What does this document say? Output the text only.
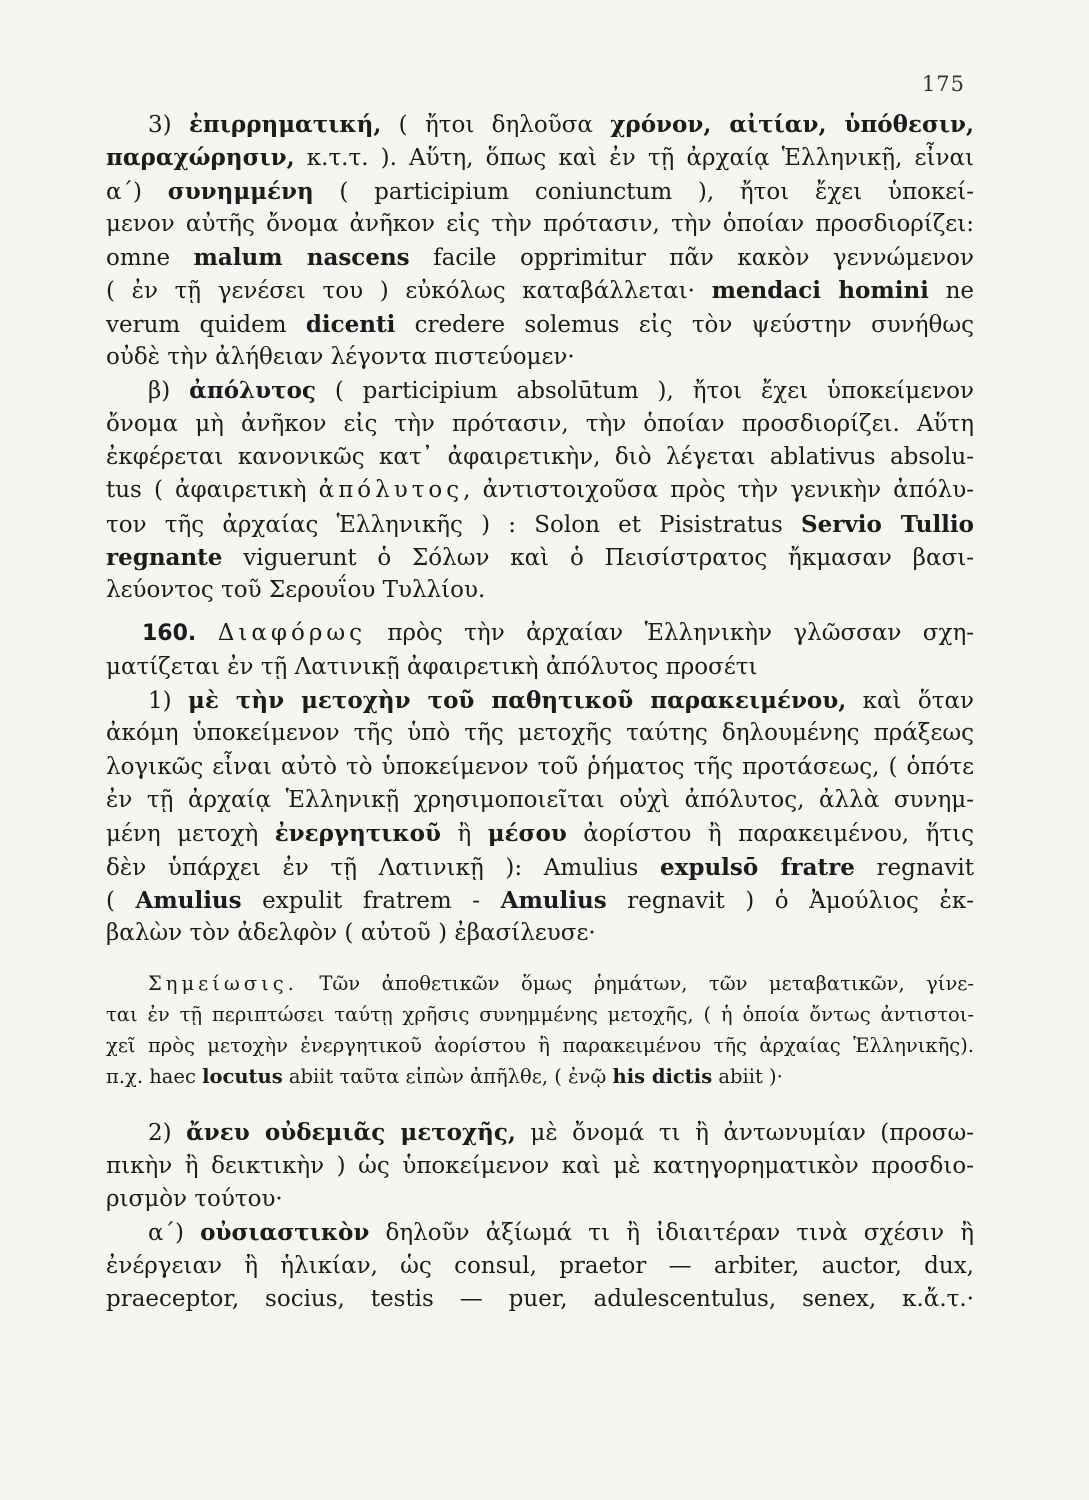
175
3) ἐπιρρηματική, ( ἤτοι δηλοῦσα χρόνον, αἰτίαν, ὑπόθεσιν,
παραχώρησιν, κ.τ.τ. ). Αὕτη, ὅπως καὶ ἐν τῇ ἀρχαίᾳ Ἑλληνικῇ, εἶναι
α΄) συνημμένη ( participium coniunctum ), ἤτοι ἔχει ὑποκεί-
μενον αὐτῆς ὄνομα ἀνῆκον εἰς τὴν πρότασιν, τὴν ὁποίαν προσδιορίζει:
omne malum nascens facile opprimitur πᾶν κακὸν γεννώμενον
( ἐν τῇ γενέσει του ) εὐκόλως καταβάλλεται· mendaci homini ne
verum quidem dicenti credere solemus εἰς τὸν ψεύστην συνήθως
οὐδὲ τὴν ἀλήθειαν λέγοντα πιστεύομεν·
β) ἀπόλυτος ( participium absolūtum ), ἤτοι ἔχει ὑποκείμενον
ὄνομα μὴ ἀνῆκον εἰς τὴν πρότασιν, τὴν ὁποίαν προσδιορίζει. Αὕτη
ἐκφέρεται κανονικῶς κατ᾽ ἀφαιρετικὴν, διὸ λέγεται ablativus absolu-
tus ( ἀφαιρετικὴ ἀπόλυτος, ἀντιστοιχοῦσα πρὸς τὴν γενικὴν ἀπόλυ-
τον τῆς ἀρχαίας Ἑλληνικῆς ) : Solon et Pisistratus Servio Tullio
regnante viguerunt ὁ Σόλων καὶ ὁ Πεισίστρατος ἤκμασαν βασι-
λεύοντος τοῦ Σερουΐου Τυλλίου.
160. Διαφόρως πρὸς τὴν ἀρχαίαν Ἑλληνικὴν γλῶσσαν σχη-
ματίζεται ἐν τῇ Λατινικῇ ἀφαιρετικὴ ἀπόλυτος προσέτι
1) μὲ τὴν μετοχὴν τοῦ παθητικοῦ παρακειμένου, καὶ ὅταν
ἀκόμη ὑποκείμενον τῆς ὑπὸ τῆς μετοχῆς ταύτης δηλουμένης πράξεως
λογικῶς εἶναι αὐτὸ τὸ ὑποκείμενον τοῦ ῥήματος τῆς προτάσεως, ( ὁπότε
ἐν τῇ ἀρχαίᾳ Ἑλληνικῇ χρησιμοποιεῖται οὐχὶ ἀπόλυτος, ἀλλὰ συνημ-
μένη μετοχὴ ἐνεργητικοῦ ἢ μέσου ἀορίστου ἢ παρακειμένου, ἥτις
δὲν ὑπάρχει ἐν τῇ Λατινικῇ ): Amulius expulsō fratre regnavit
( Amulius expulit fratrem - Amulius regnavit ) ὁ Ἀμούλιος ἐκ-
βαλὼν τὸν ἀδελφὸν ( αὐτοῦ ) ἐβασίλευσε·
Σημείωσις. Τῶν ἀποθετικῶν ὅμως ῥημάτων, τῶν μεταβατικῶν, γίνε-
ται ἐν τῇ περιπτώσει ταύτῃ χρῆσις συνημμένης μετοχῆς, ( ἡ ὁποία ὄντως ἀντιστοι-
χεῖ πρὸς μετοχὴν ἐνεργητικοῦ ἀορίστου ἢ παρακειμένου τῆς ἀρχαίας Ἑλληνικῆς).
π.χ. haec locutus abiit ταῦτα εἰπὼν ἀπῆλθε, ( ἐνῷ his dictis abiit )·
2) ἄνευ οὐδεμιᾶς μετοχῆς, μὲ ὄνομά τι ἢ ἀντωνυμίαν (προσω-
πικὴν ἢ δεικτικὴν ) ὡς ὑποκείμενον καὶ μὲ κατηγορηματικὸν προσδιο-
ρισμὸν τούτου·
α΄) οὐσιαστικὸν δηλοῦν ἀξίωμά τι ἢ ἰδιαιτέραν τινὰ σχέσιν ἢ
ἐνέργειαν ἢ ἡλικίαν, ὡς consul, praetor — arbiter, auctor, dux,
praeceptor, socius, testis — puer, adulescentulus, senex, κ.ἄ.τ.·
